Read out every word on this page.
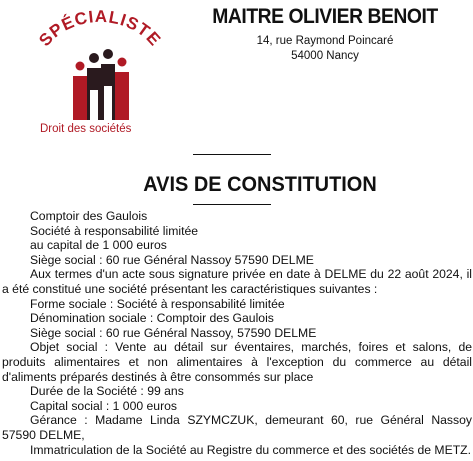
SPÉCIALISTE
Droit des sociétés
MAITRE OLIVIER BENOIT
14, rue Raymond Poincaré
54000 Nancy
AVIS DE CONSTITUTION
Comptoir des Gaulois
Société à responsabilité limitée
au capital de 1 000 euros
Siège social : 60 rue Général Nassoy 57590 DELME
Aux termes d'un acte sous signature privée en date à DELME du 22 août 2024, il a été constitué une société présentant les caractéristiques suivantes :
Forme sociale : Société à responsabilité limitée
Dénomination sociale : Comptoir des Gaulois
Siège social : 60 rue Général Nassoy, 57590 DELME
Objet social : Vente au détail sur éventaires, marchés, foires et salons, de produits alimentaires et non alimentaires à l'exception du commerce au détail d'aliments préparés destinés à être consommés sur place
Durée de la Société : 99 ans
Capital social : 1 000 euros
Gérance : Madame Linda SZYMCZUK, demeurant 60, rue Général Nassoy 57590 DELME,
Immatriculation de la Société au Registre du commerce et des sociétés de METZ.
